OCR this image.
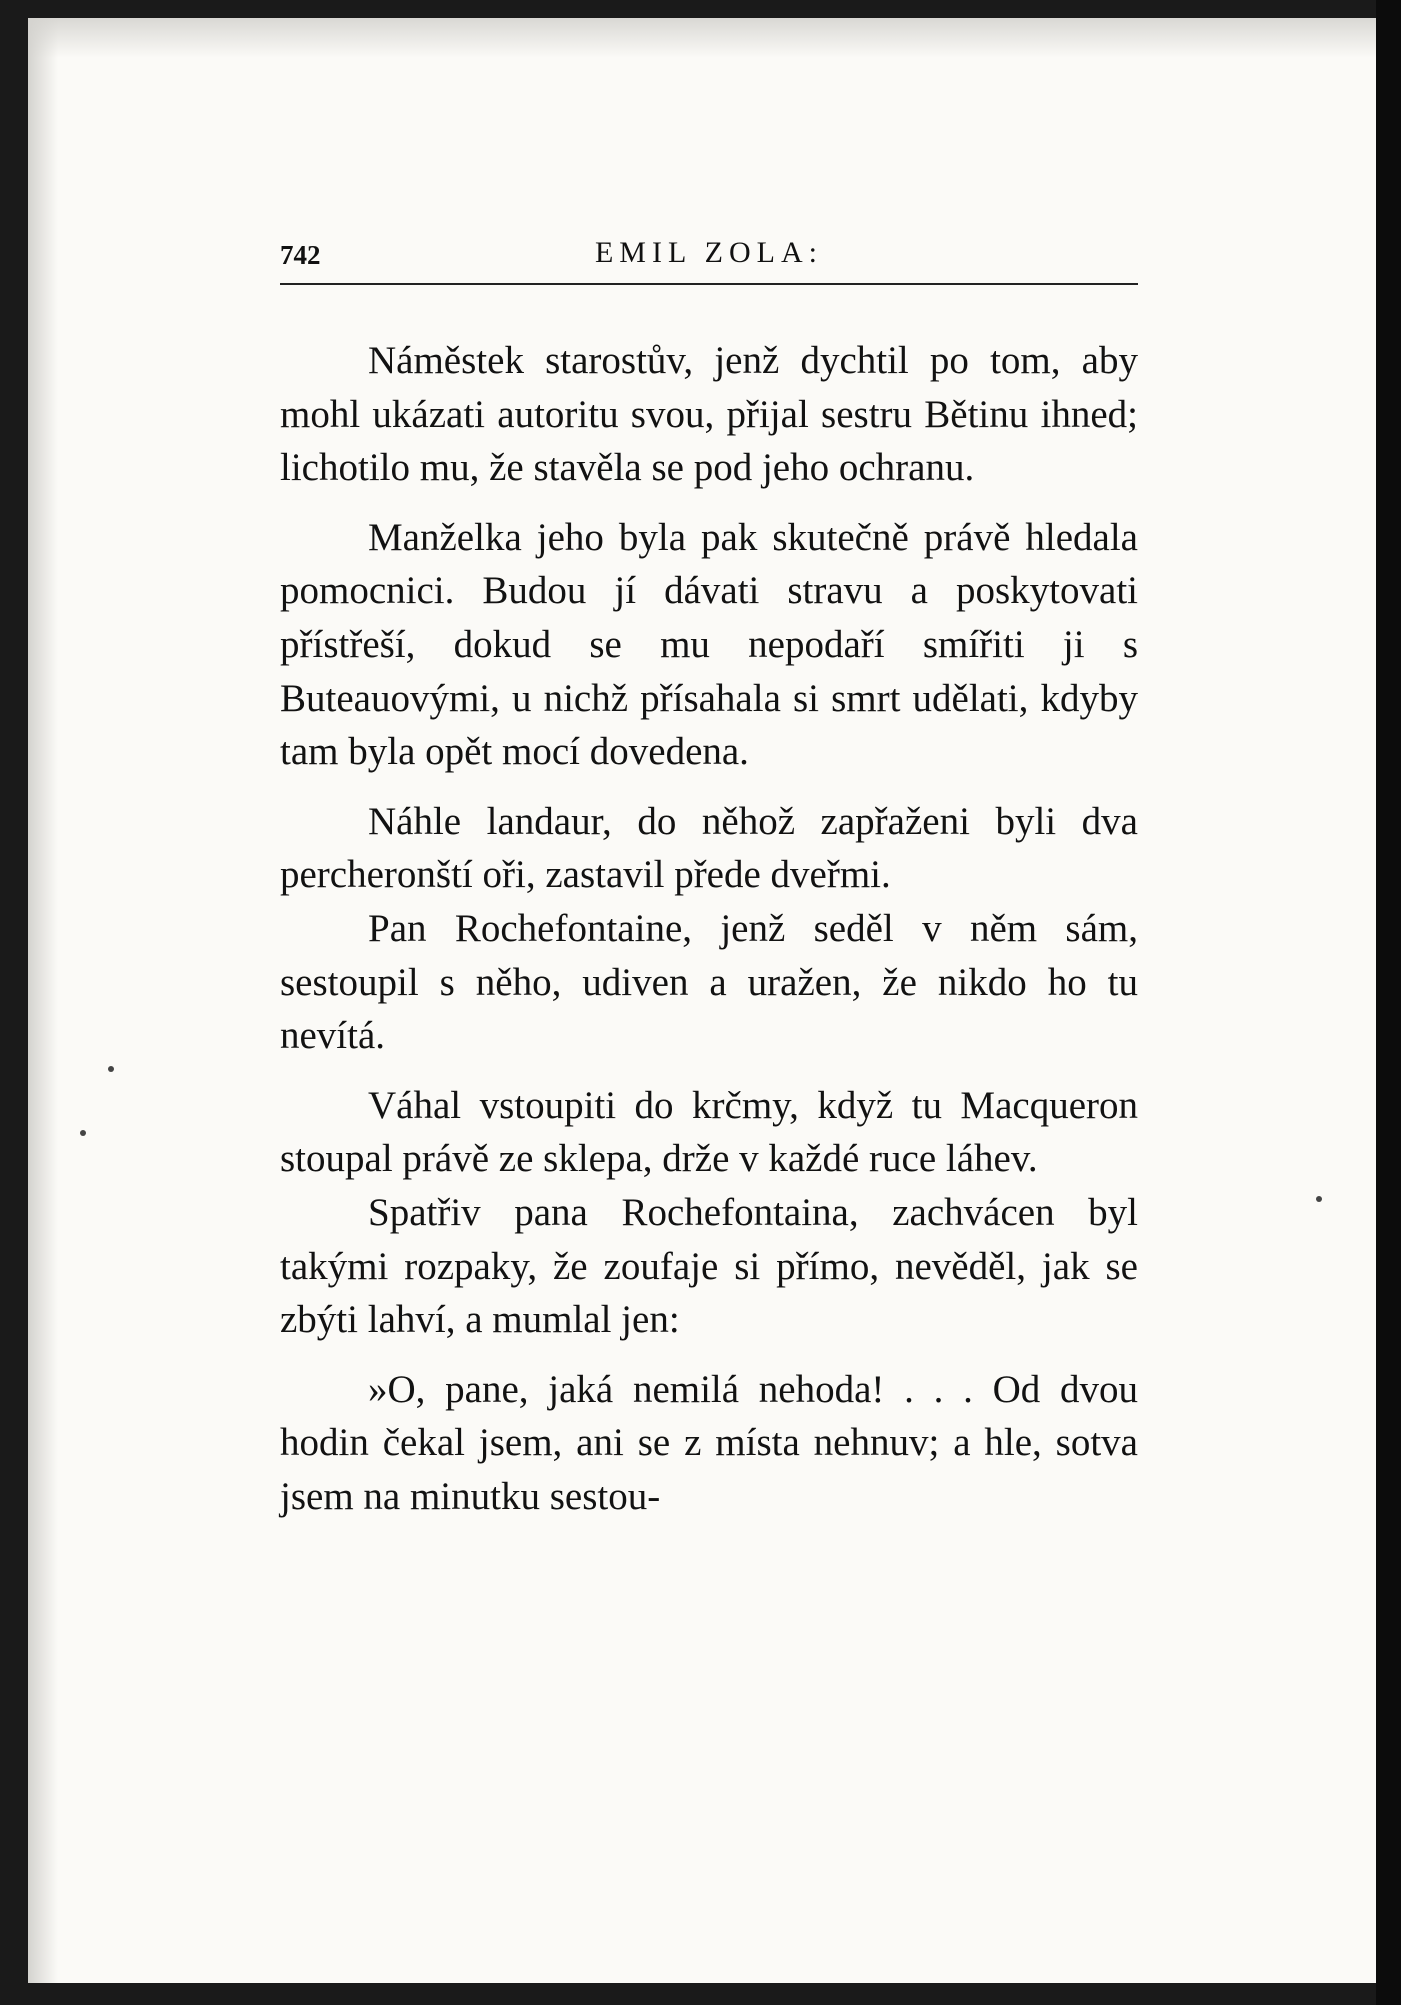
742	EMIL ZOLA:

Náměstek starostův, jenž dychtil po tom, aby mohl ukázati autoritu svou, přijal sestru Bětinu ihned; lichotilo mu, že stavěla se pod jeho ochranu.

Manželka jeho byla pak skutečně právě hledala pomocnici. Budou jí dávati stravu a poskytovati přístřeší, dokud se mu nepodaří smířiti ji s Buteauovými, u nichž přísahala si smrt udělati, kdyby tam byla opět mocí dovedena.

Náhle landaur, do něhož zapřaženi byli dva percheronští oři, zastavil přede dveřmi.

Pan Rochefontaine, jenž seděl v něm sám, sestoupil s něho, udiven a uražen, že nikdo ho tu nevítá.

Váhal vstoupiti do krčmy, když tu Macqueron stoupal právě ze sklepa, drže v každé ruce láhev.

Spatřiv pana Rochefontaina, zachvácen byl takými rozpaky, že zoufaje si přímo, nevěděl, jak se zbýti lahví, a mumlal jen:

»O, pane, jaká nemilá nehoda! . . . Od dvou hodin čekal jsem, ani se z místa nehnuv; a hle, sotva jsem na minutku sestou-
